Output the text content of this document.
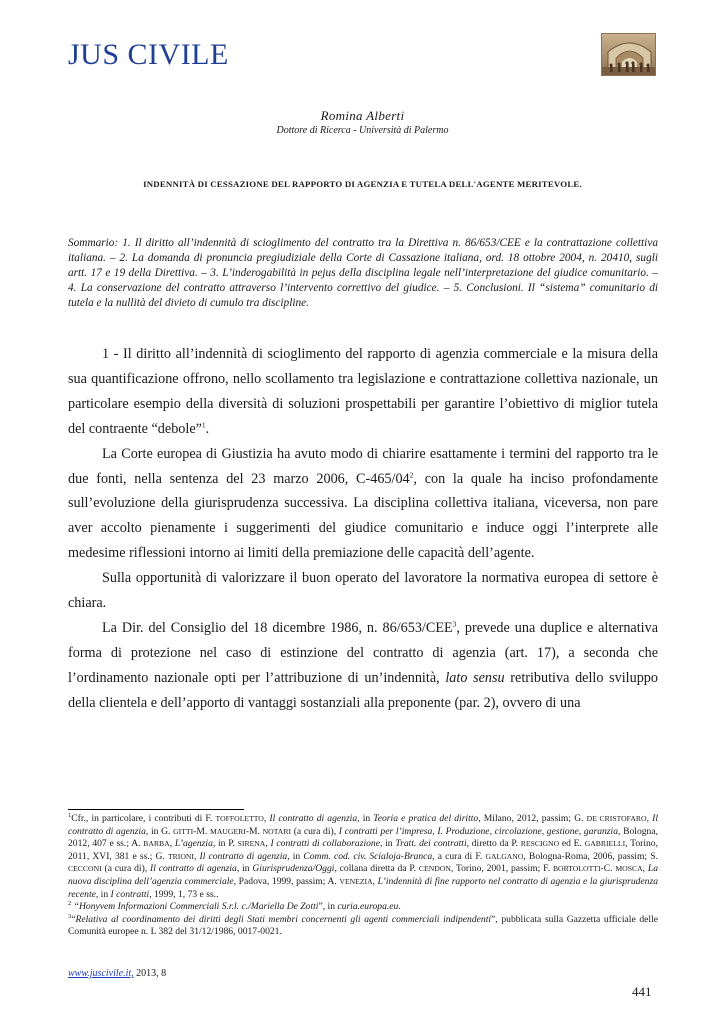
JUS CIVILE
Romina Alberti
Dottore di Ricerca - Università di Palermo
INDENNITÀ DI CESSAZIONE DEL RAPPORTO DI AGENZIA E TUTELA DELL'AGENTE MERITEVOLE.
Sommario: 1. Il diritto all’indennità di scioglimento del contratto tra la Direttiva n. 86/653/CEE e la contrattazione collettiva italiana. – 2. La domanda di pronuncia pregiudiziale della Corte di Cassazione italiana, ord. 18 ottobre 2004, n. 20410, sugli artt. 17 e 19 della Direttiva. – 3. L’inderogabilità in pejus della disciplina legale nell’interpretazione del giudice comunitario. – 4. La conservazione del contratto attraverso l’intervento correttivo del giudice. – 5. Conclusioni. Il “sistema” comunitario di tutela e la nullità del divieto di cumulo tra discipline.

1 - Il diritto all’indennità di scioglimento del rapporto di agenzia commerciale e la misura della sua quantificazione offrono, nello scollamento tra legislazione e contrattazione collettiva nazionale, un particolare esempio della diversità di soluzioni prospettabili per garantire l’obiettivo di miglior tutela del contraente “debole”$^1$.

La Corte europea di Giustizia ha avuto modo di chiarire esattamente i termini del rapporto tra le due fonti, nella sentenza del 23 marzo 2006, $C-465/04^2$, con la quale ha inciso profondamente sull’evoluzione della giurisprudenza successiva. La disciplina collettiva italiana, viceversa, non pare aver accolto pienamente i suggerimenti del giudice comunitario e induce oggi l’interprete alle medesime riflessioni intorno ai limiti della premiazione delle capacità dell’agente.

Sulla opportunità di valorizzare il buon operato del lavoratore la normativa europea di settore è chiara.

La Dir. del Consiglio del 18 dicembre 1986, n. 86/653/CEE$^3$, prevede una duplice e alternativa forma di protezione nel caso di estinzione del contratto di agenzia (art. 17), a seconda che l’ordinamento nazionale opti per l’attribuzione di un’indennità, lato sensu retributiva dello sviluppo della clientela e dell’apporto di vantaggi sostanziali alla preponente (par. 2), ovvero di una

$^1$Cfr., in particolare, i contributi di F. TOFFOLETTO, Il contratto di agenzia, in Teoria e pratica del diritto, Milano, 2012, passim; G. DE CRISTOFARO, Il contratto di agenzia, in G. GITTI-M. MAUGERI-M. NOTARI (a cura di), I contratti per l’impresa, I. Produzione, circolazione, gestione, garanzia, Bologna, 2012, 407 e ss.; A. BARBA, L’agenzia, in P. SIRENA, I contratti di collaborazione, in Tratt. dei contratti, diretto da P. RESCIGNO ed E. GABRIELLI, Torino, 2011, XVI, 381 e ss.; G. TRIONI, Il contratto di agenzia, in Comm. cod. civ. Scialoja-Branca, a cura di F. GALGANO, Bologna-Roma, 2006, passim; S. CECCONI (a cura di), Il contratto di agenzia, in Giurisprudenza/Oggi, collana diretta da P. CENDON, Torino, 2001, passim; F. BORTOLOTTI-C. MOSCA, La nuova disciplina dell’agenzia commerciale, Padova, 1999, passim; A. VENEZIA, L’indennità di fine rapporto nel contratto di agenzia e la giurisprudenza recente, in I contratti, 1999, 1, 73 e ss..

$^2$ “Honyvem Informazioni Commerciali S.r.l. c./Mariella De Zotti”, in curia.europa.eu.

$^3$“Relativa al coordinamento dei diritti degli Stati membri concernenti gli agenti commerciali indipendenti”, pubblicata sulla Gazzetta ufficiale delle Comunità europee n. L 382 del 31/12/1986, 0017-0021.

www.juscivile.it, 2013, 8
441
